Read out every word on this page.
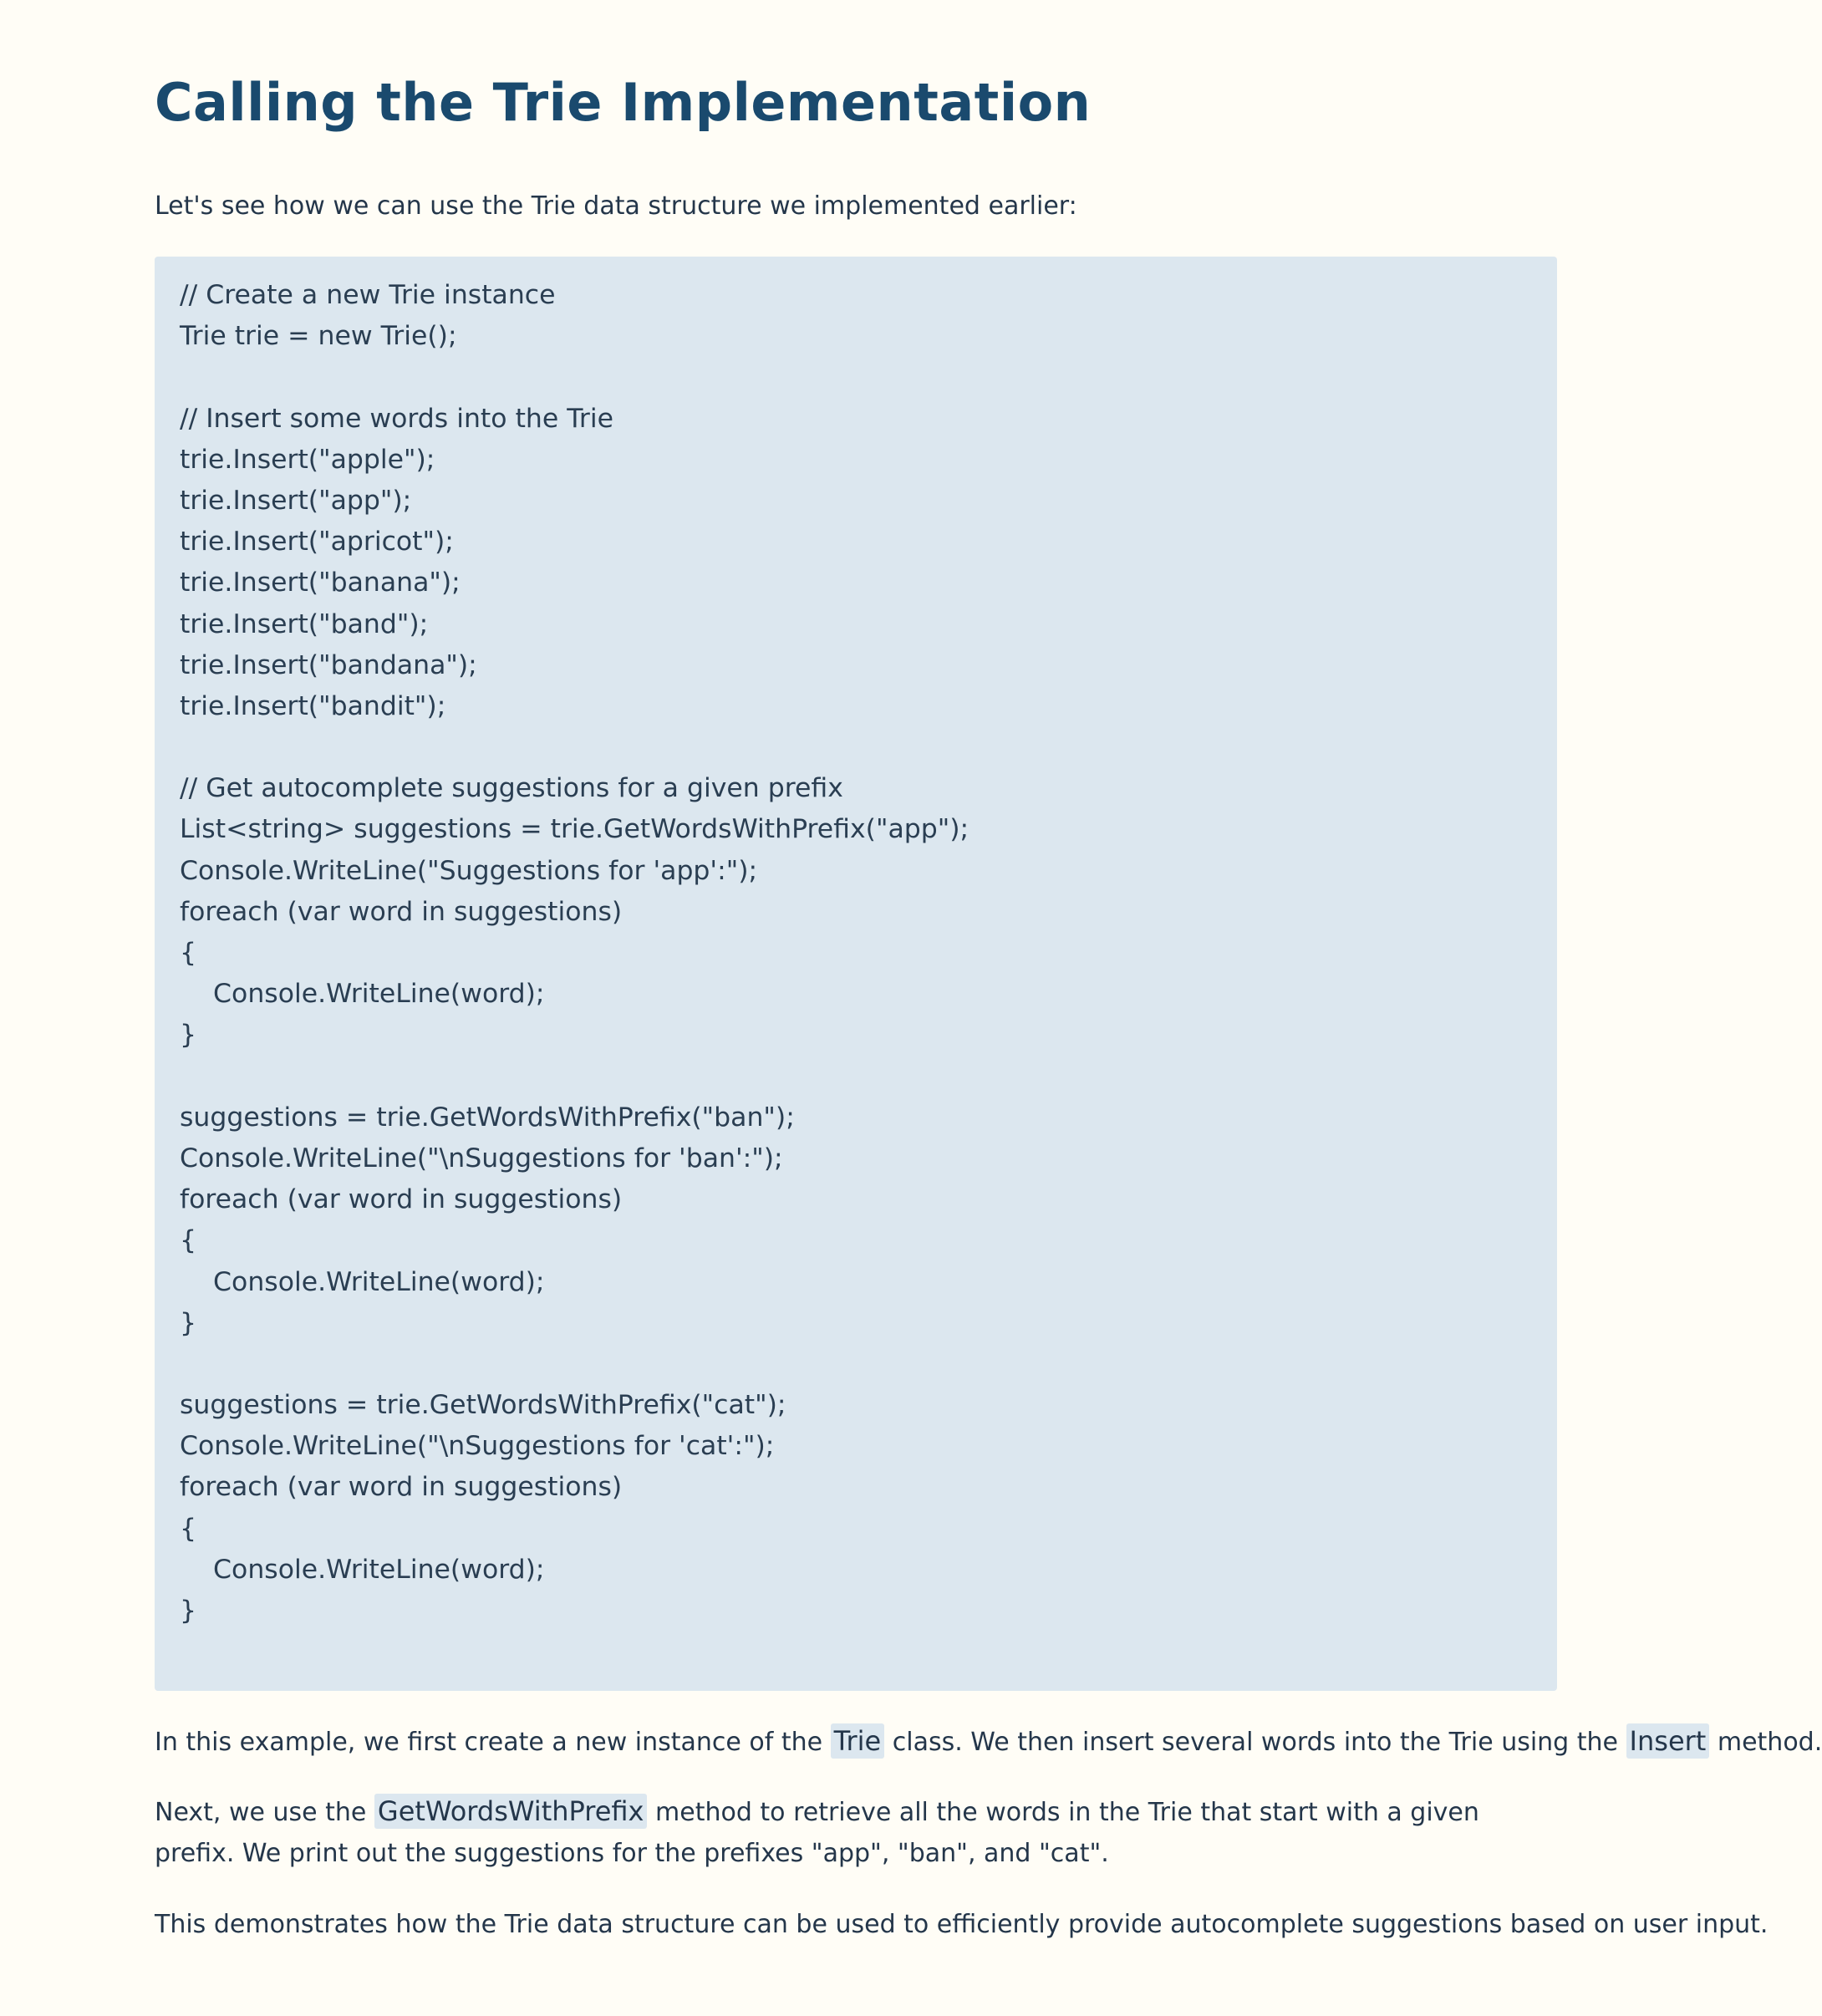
Calling the Trie Implementation

Let's see how we can use the Trie data structure we implemented earlier:

// Create a new Trie instance
Trie trie = new Trie();
// Insert some words into the Trie
trie.Insert("apple");
trie.Insert("app");
trie.Insert("apricot");
trie.Insert("banana");
trie.Insert("band");
trie.Insert("bandana");
trie.Insert("bandit");
// Get autocomplete suggestions for a given prefix
List<string> suggestions = trie.GetWordsWithPrefix("app");
Console.WriteLine("Suggestions for 'app':");
foreach (var word in suggestions)
{
Console.WriteLine(word);
}
suggestions = trie.GetWordsWithPrefix("ban");
Console.WriteLine("\nSuggestions for 'ban':");
foreach (var word in suggestions)
{
Console.WriteLine(word);
}
suggestions = trie.GetWordsWithPrefix("cat");
Console.WriteLine("\nSuggestions for 'cat':");
foreach (var word in suggestions)
{
Console.WriteLine(word);
}

In this example, we first create a new instance of the Trie class. We then insert several words into the Trie using the Insert method.

Next, we use the GetWordsWithPrefix method to retrieve all the words in the Trie that start with a given prefix. We print out the suggestions for the prefixes "app", "ban", and "cat".

This demonstrates how the Trie data structure can be used to efficiently provide autocomplete suggestions based on user input.
